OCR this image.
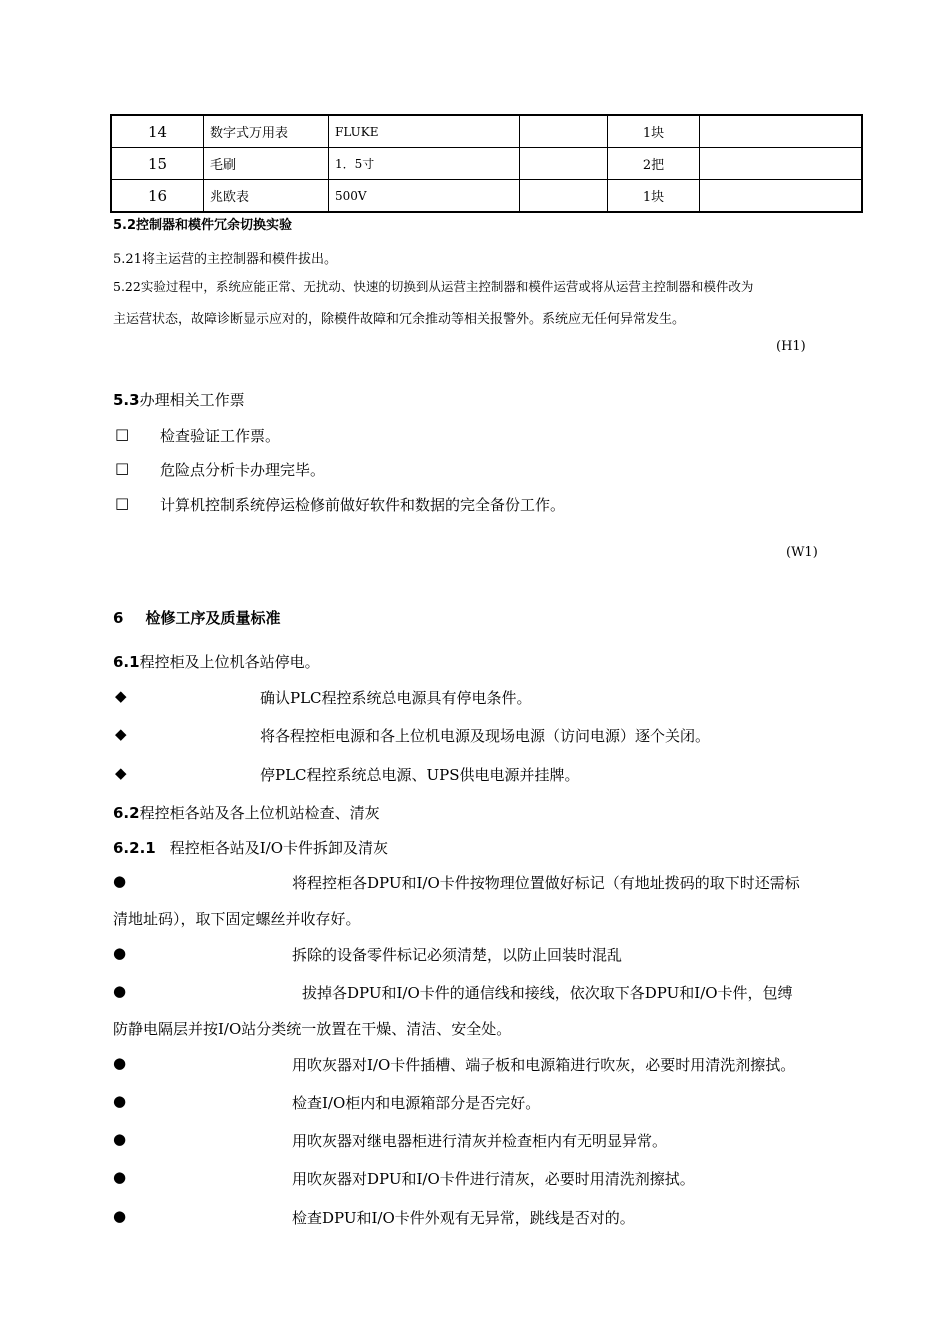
14	数字式万用表	FLUKE		1块	
15	毛刷	1．5寸		2把	
16	兆欧表	500V		1块	
5.2控制器和模件冗余切换实验
5.21将主运营的主控制器和模件拔出。
5.22实验过程中，系统应能正常、无扰动、快速的切换到从运营主控制器和模件运营或将从运营主控制器和模件改为
主运营状态，故障诊断显示应对的，除模件故障和冗余推动等相关报警外。系统应无任何异常发生。
(H1)
5.3办理相关工作票
□ 检查验证工作票。
□ 危险点分析卡办理完毕。
□ 计算机控制系统停运检修前做好软件和数据的完全备份工作。
(W1)
6 检修工序及质量标准
6.1程控柜及上位机各站停电。
◆	确认PLC程控系统总电源具有停电条件。
◆	将各程控柜电源和各上位机电源及现场电源（访问电源）逐个关闭。
◆	停PLC程控系统总电源、UPS供电电源并挂牌。
6.2程控柜各站及各上位机站检查、清灰
6.2.1 程控柜各站及I/O卡件拆卸及清灰
●	将程控柜各DPU和I/O卡件按物理位置做好标记（有地址拨码的取下时还需标
清地址码），取下固定螺丝并收存好。
●	拆除的设备零件标记必须清楚，以防止回装时混乱
●	拔掉各DPU和I/O卡件的通信线和接线，依次取下各DPU和I/O卡件，包缚
防静电隔层并按I/O站分类统一放置在干燥、清洁、安全处。
●	用吹灰器对I/O卡件插槽、端子板和电源箱进行吹灰，必要时用清洗剂擦拭。
●	检查I/O柜内和电源箱部分是否完好。
●	用吹灰器对继电器柜进行清灰并检查柜内有无明显异常。
●	用吹灰器对DPU和I/O卡件进行清灰，必要时用清洗剂擦拭。
●	检查DPU和I/O卡件外观有无异常，跳线是否对的。
